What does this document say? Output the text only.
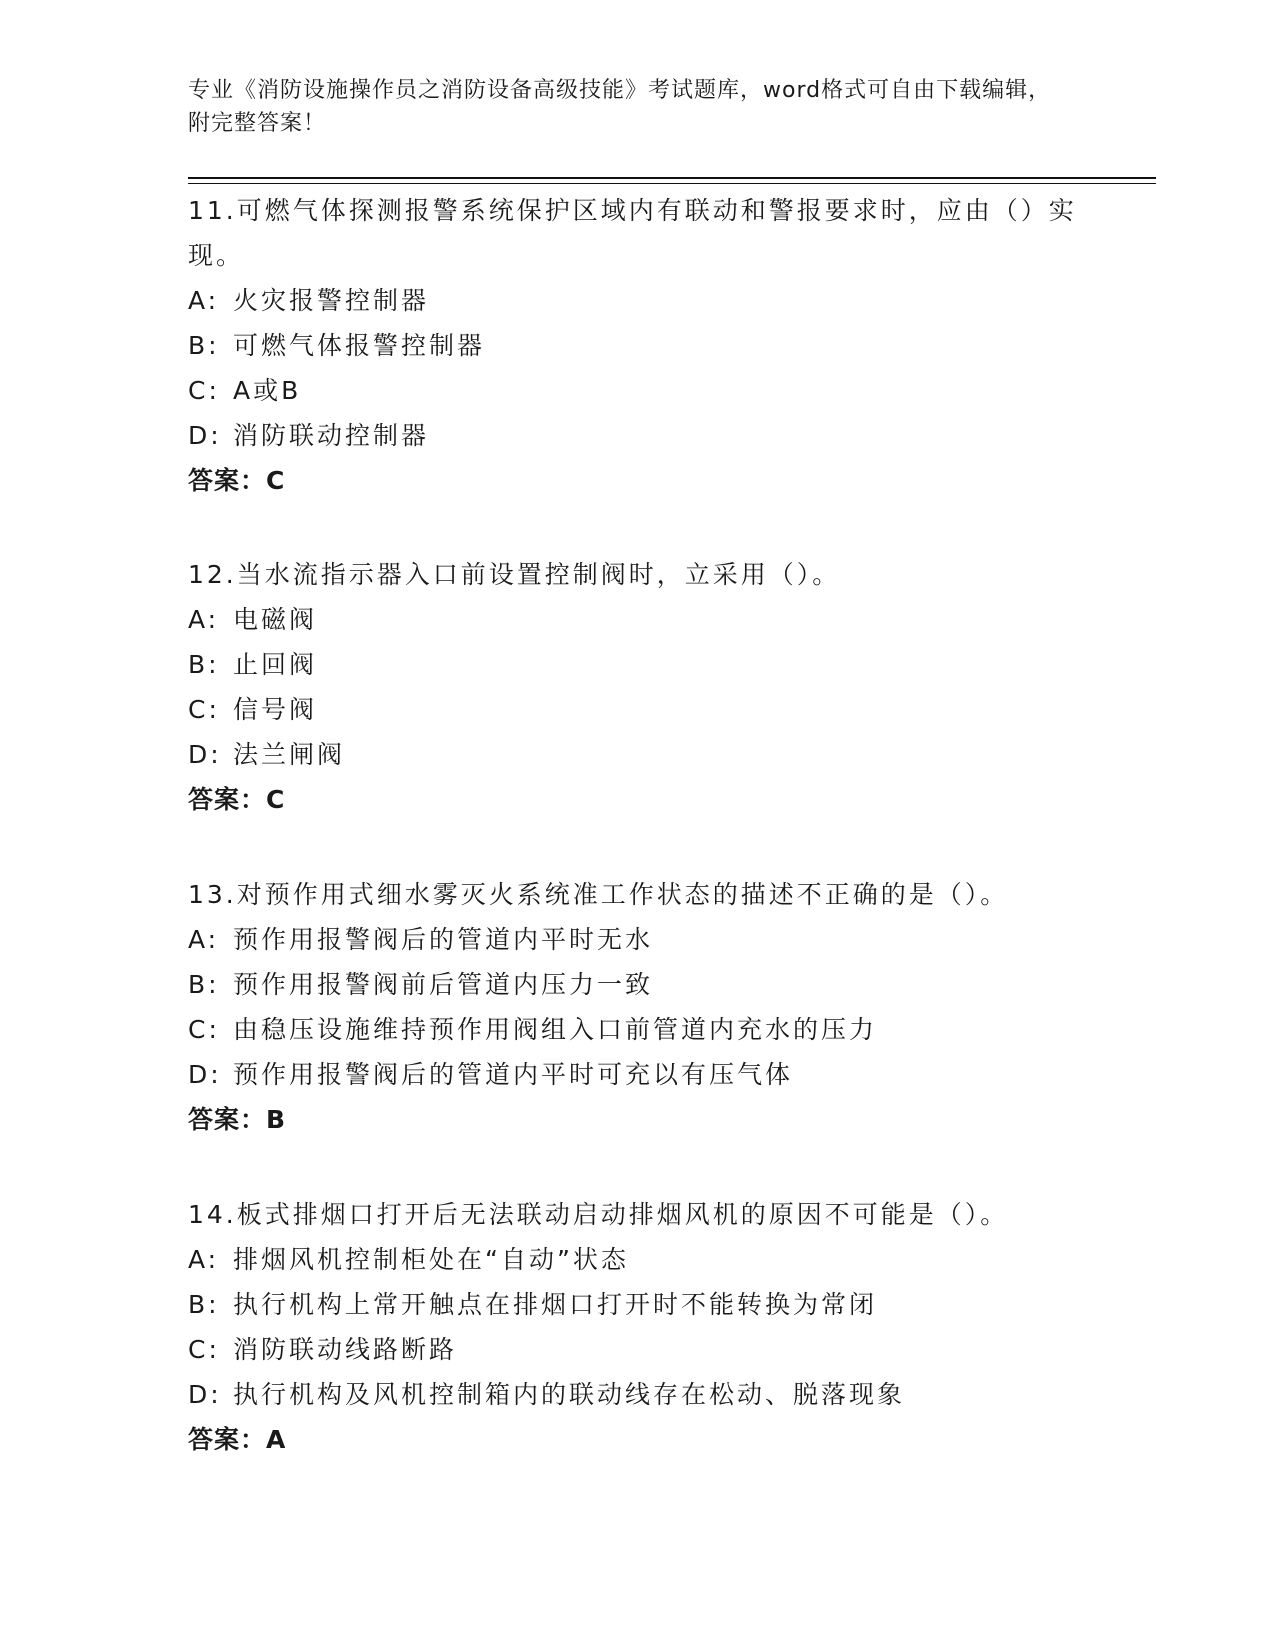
专业《消防设施操作员之消防设备高级技能》考试题库，word格式可自由下载编辑，附完整答案！

11.可燃气体探测报警系统保护区域内有联动和警报要求时，应由（）实现。

A: 火灾报警控制器

B: 可燃气体报警控制器

C: A或B

D: 消防联动控制器

答案：C

12.当水流指示器入口前设置控制阀时，立采用（）。

A: 电磁阀

B: 止回阀

C: 信号阀

D: 法兰闸阀

答案：C

13.对预作用式细水雾灭火系统准工作状态的描述不正确的是（）。

A: 预作用报警阀后的管道内平时无水

B: 预作用报警阀前后管道内压力一致

C: 由稳压设施维持预作用阀组入口前管道内充水的压力

D: 预作用报警阀后的管道内平时可充以有压气体

答案：B

14.板式排烟口打开后无法联动启动排烟风机的原因不可能是（）。

A: 排烟风机控制柜处在“自动”状态

B: 执行机构上常开触点在排烟口打开时不能转换为常闭

C: 消防联动线路断路

D: 执行机构及风机控制箱内的联动线存在松动、脱落现象

答案：A
